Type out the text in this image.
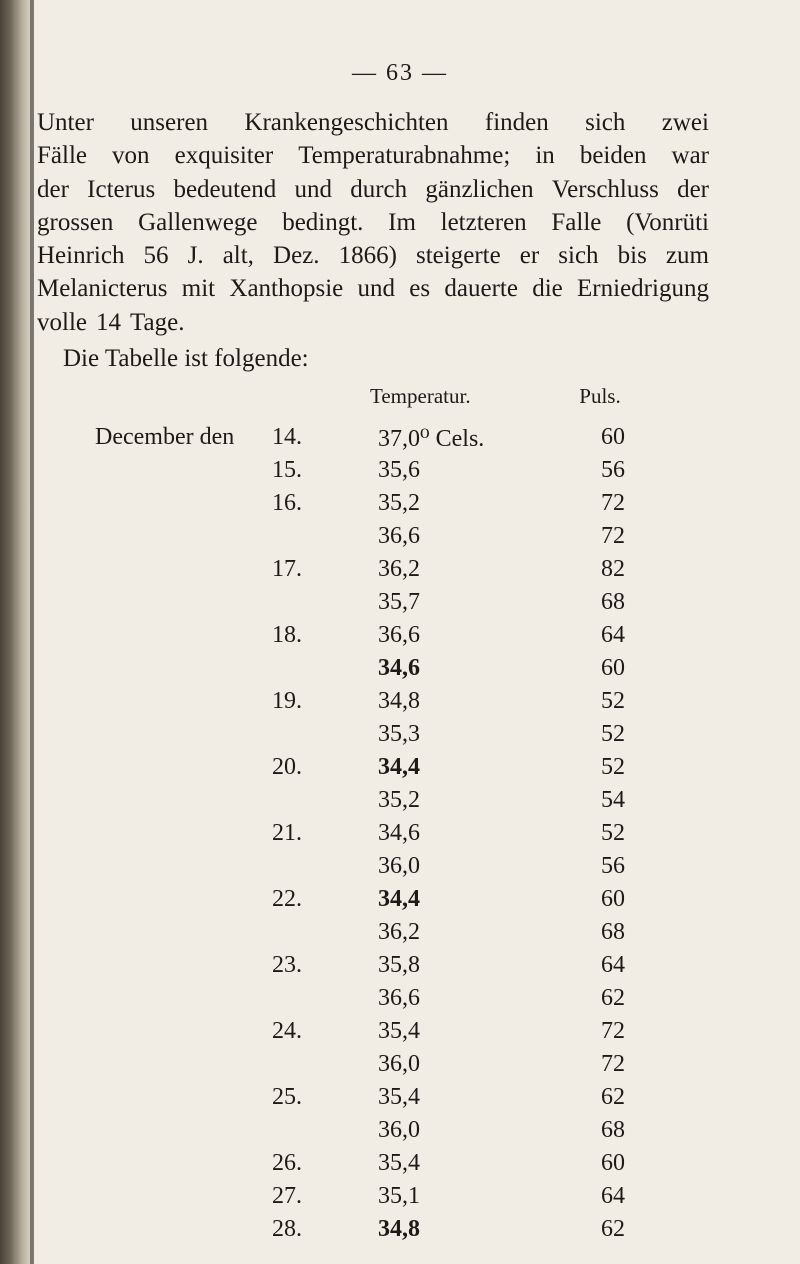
— 63 —
Unter unseren Krankengeschichten finden sich zwei
Fälle von exquisiter Temperaturabnahme; in beiden war
der Icterus bedeutend und durch gänzlichen Verschluss der
grossen Gallenwege bedingt. Im letzteren Falle (Vonrüti
Heinrich 56 J. alt, Dez. 1866) steigerte er sich bis zum
Melanicterus mit Xanthopsie und es dauerte die Erniedrigung
volle 14 Tage.
Die Tabelle ist folgende:
Temperatur.	Puls.
December den	14.	37,0⁰ Cels.	60
15.	35,6	56
16.	35,2	72
36,6	72
17.	36,2	82
35,7	68
18.	36,6	64
34,6	60
19.	34,8	52
35,3	52
20.	34,4	52
35,2	54
21.	34,6	52
36,0	56
22.	34,4	60
36,2	68
23.	35,8	64
36,6	62
24.	35,4	72
36,0	72
25.	35,4	62
36,0	68
26.	35,4	60
27.	35,1	64
28.	34,8	62
